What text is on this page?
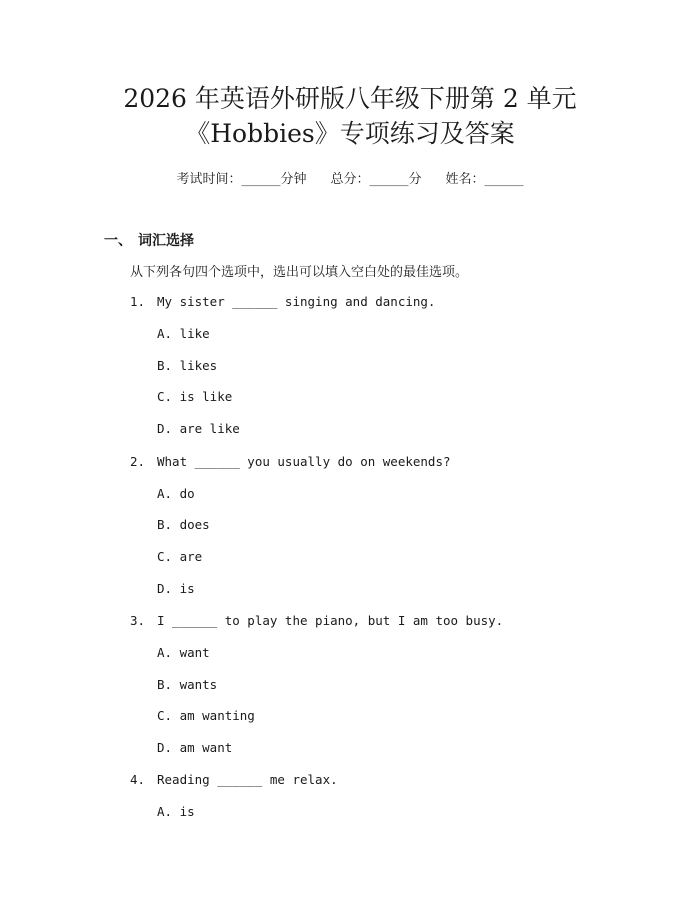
2026 年英语外研版八年级下册第 2 单元
《Hobbies》专项练习及答案
考试时间：______分钟 总分：______分 姓名：______
一、 词汇选择
从下列各句四个选项中，选出可以填入空白处的最佳选项。
1. My sister ______ singing and dancing.
A. like
B. likes
C. is like
D. are like
2. What ______ you usually do on weekends?
A. do
B. does
C. are
D. is
3. I ______ to play the piano, but I am too busy.
A. want
B. wants
C. am wanting
D. am want
4. Reading ______ me relax.
A. is
